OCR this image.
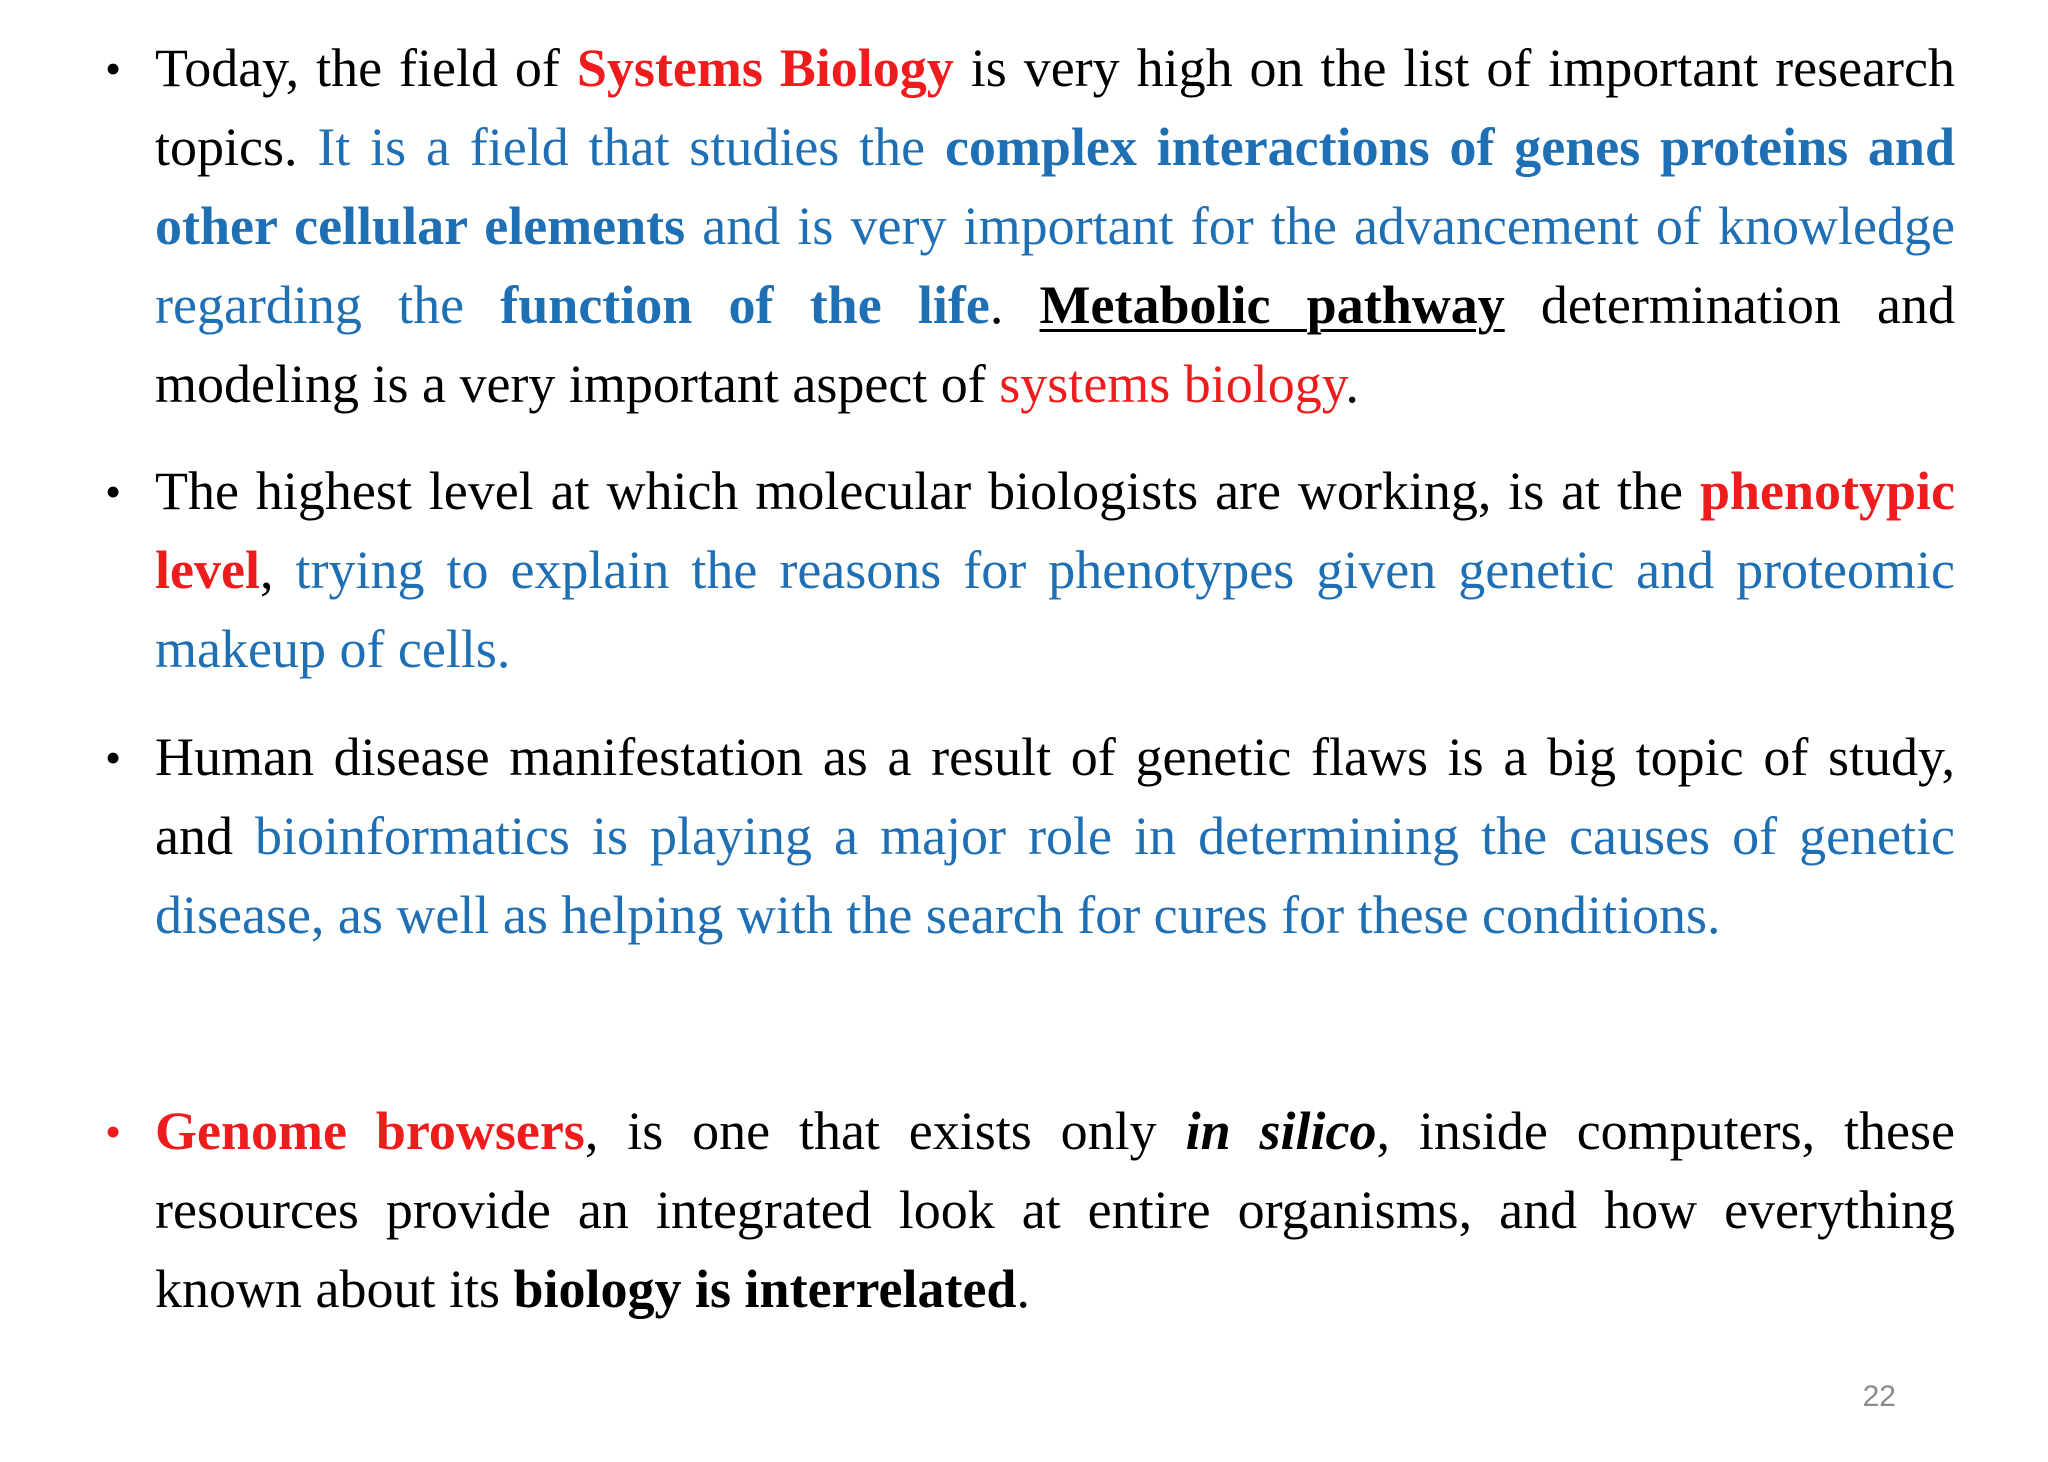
• Today, the field of Systems Biology is very high on the list of important research topics. It is a field that studies the complex interactions of genes proteins and other cellular elements and is very important for the advancement of knowledge regarding the function of the life. Metabolic pathway determination and modeling is a very important aspect of systems biology.

• The highest level at which molecular biologists are working, is at the phenotypic level, trying to explain the reasons for phenotypes given genetic and proteomic makeup of cells.

• Human disease manifestation as a result of genetic flaws is a big topic of study, and bioinformatics is playing a major role in determining the causes of genetic disease, as well as helping with the search for cures for these conditions.

• Genome browsers, is one that exists only in silico, inside computers, these resources provide an integrated look at entire organisms, and how everything known about its biology is interrelated.

22
